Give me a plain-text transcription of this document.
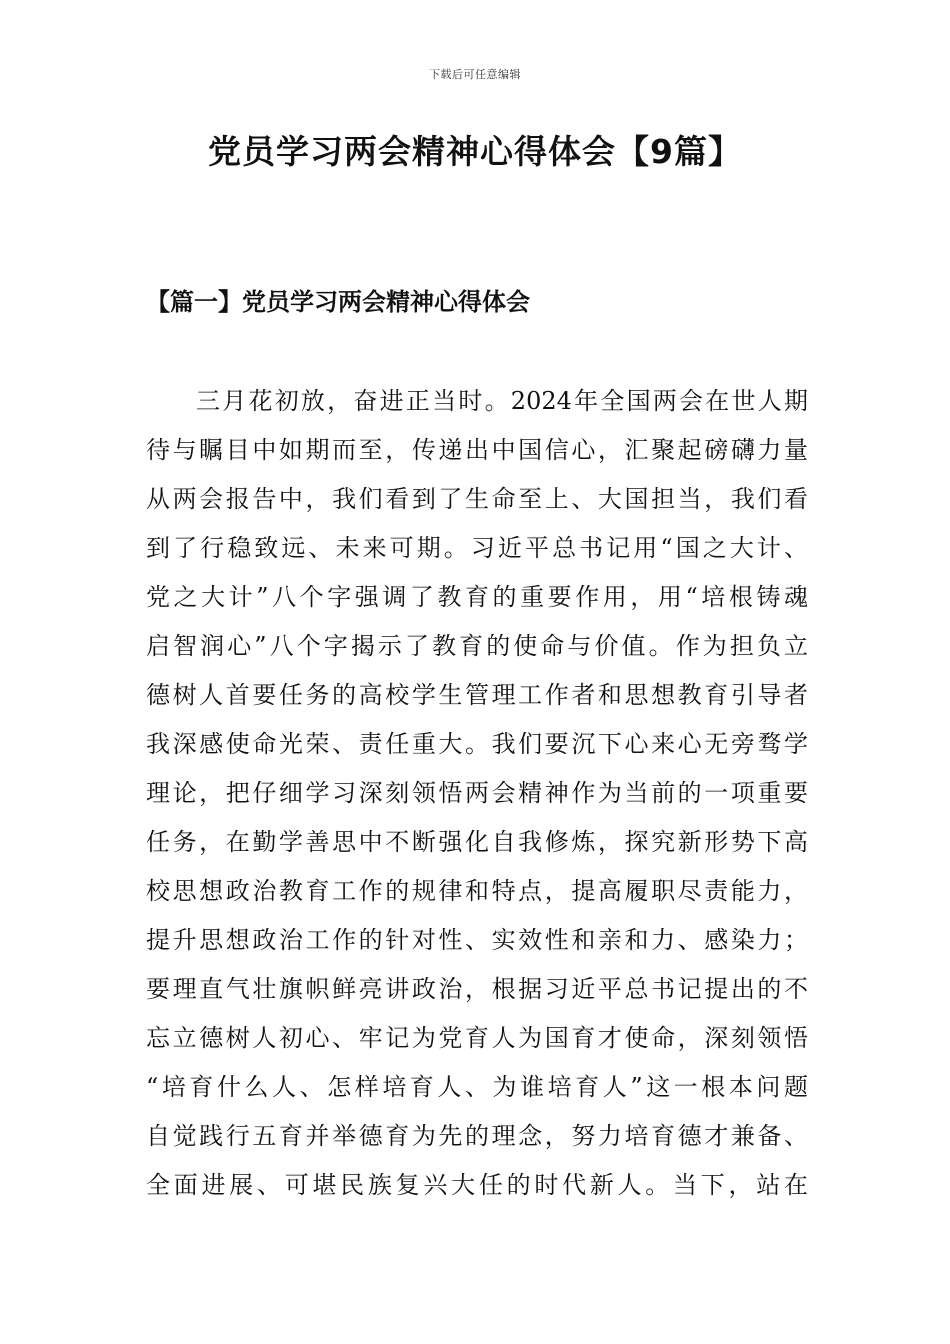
下载后可任意编辑
党员学习两会精神心得体会【9篇】
【篇一】党员学习两会精神心得体会
三月花初放，奋进正当时。2024年全国两会在世人期
待与瞩目中如期而至，传递出中国信心，汇聚起磅礴力量
从两会报告中，我们看到了生命至上、大国担当，我们看
到了行稳致远、未来可期。习近平总书记用“国之大计、
党之大计”八个字强调了教育的重要作用，用“培根铸魂
启智润心”八个字揭示了教育的使命与价值。作为担负立
德树人首要任务的高校学生管理工作者和思想教育引导者
我深感使命光荣、责任重大。我们要沉下心来心无旁骛学
理论，把仔细学习深刻领悟两会精神作为当前的一项重要
任务，在勤学善思中不断强化自我修炼，探究新形势下高
校思想政治教育工作的规律和特点，提高履职尽责能力，
提升思想政治工作的针对性、实效性和亲和力、感染力；
要理直气壮旗帜鲜亮讲政治，根据习近平总书记提出的不
忘立德树人初心、牢记为党育人为国育才使命，深刻领悟
“培育什么人、怎样培育人、为谁培育人”这一根本问题
自觉践行五育并举德育为先的理念，努力培育德才兼备、
全面进展、可堪民族复兴大任的时代新人。当下，站在
